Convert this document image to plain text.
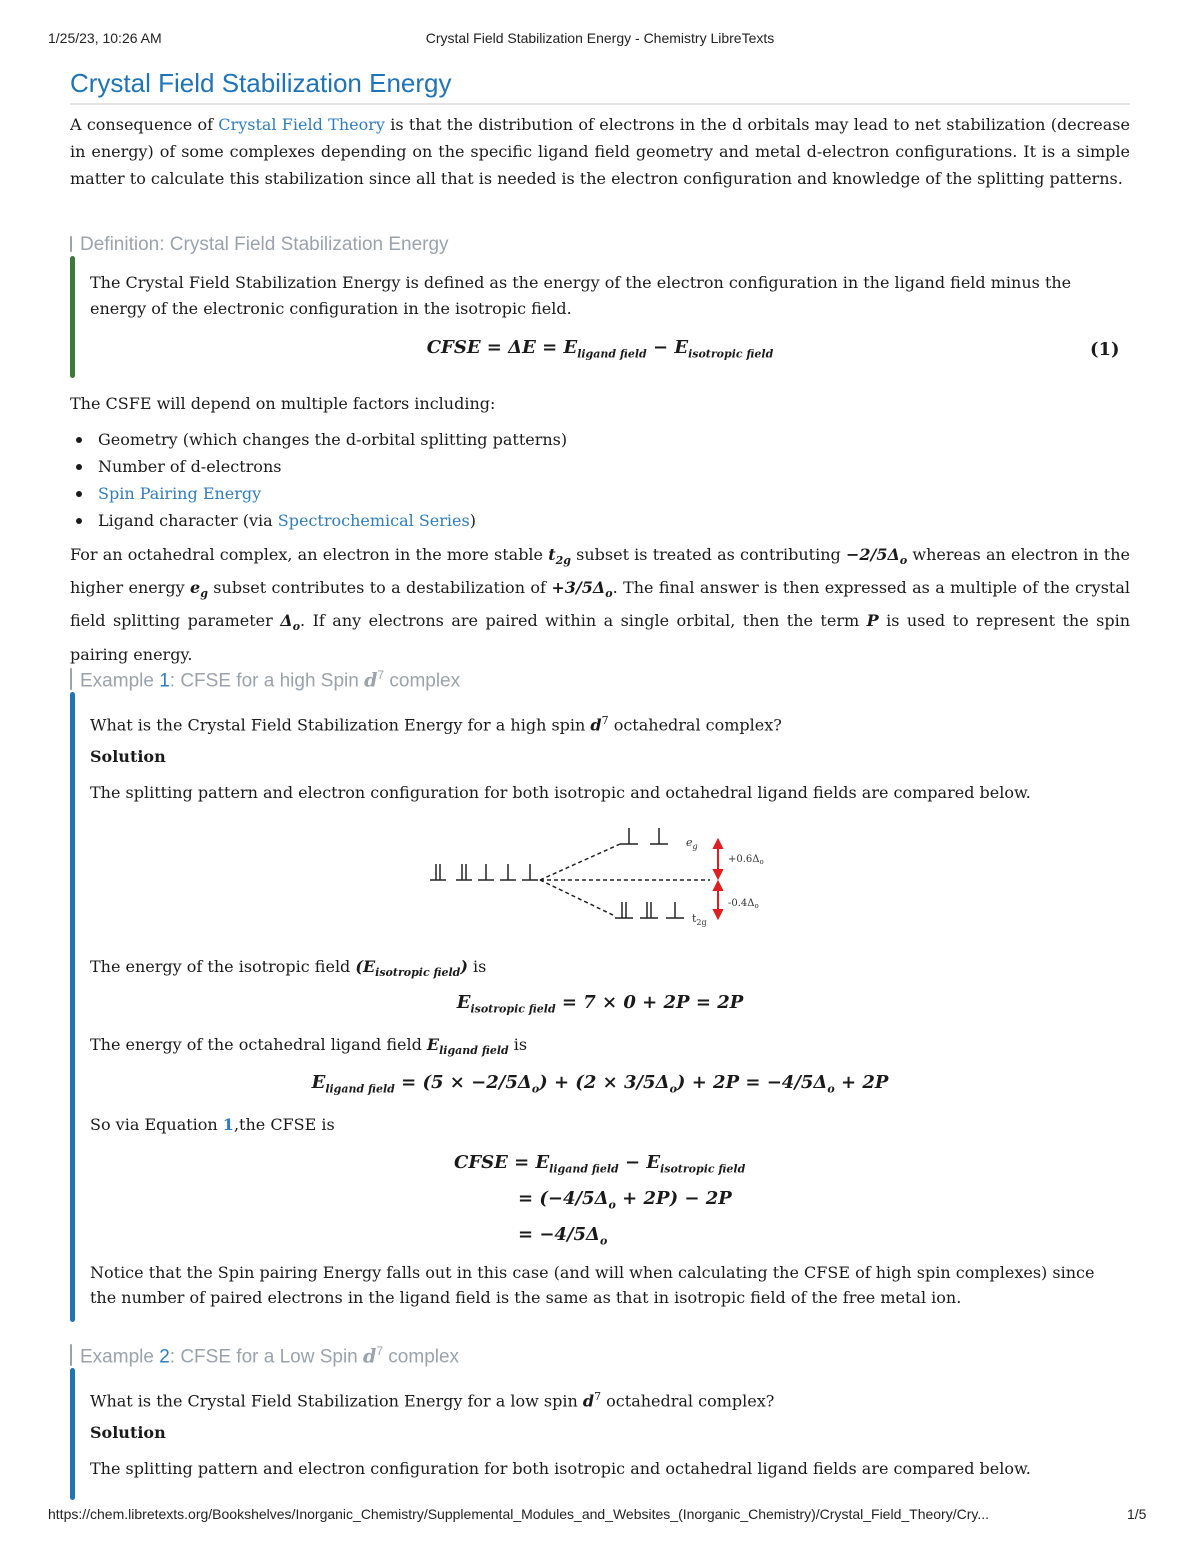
1/25/23, 10:26 AM	Crystal Field Stabilization Energy - Chemistry LibreTexts
Crystal Field Stabilization Energy

A consequence of Crystal Field Theory is that the distribution of electrons in the d orbitals may lead to net stabilization (decrease in energy) of some complexes depending on the specific ligand field geometry and metal d-electron configurations. It is a simple matter to calculate this stabilization since all that is needed is the electron configuration and knowledge of the splitting patterns.

Definition: Crystal Field Stabilization Energy

The Crystal Field Stabilization Energy is defined as the energy of the electron configuration in the ligand field minus the energy of the electronic configuration in the isotropic field.

CFSE = $\Delta E = E_{ligand field} - E_{isotropic field}$	(1)

The CSFE will depend on multiple factors including:

Geometry (which changes the d-orbital splitting patterns)
Number of d-electrons
Spin Pairing Energy
Ligand character (via Spectrochemical Series)

For an octahedral complex, an electron in the more stable $t_{2g}$ subset is treated as contributing $-2/5\Delta_o$ whereas an electron in the higher energy $e_g$ subset contributes to a destabilization of $+3/5\Delta_o$. The final answer is then expressed as a multiple of the crystal field splitting parameter $\Delta_o$. If any electrons are paired within a single orbital, then the term P is used to represent the spin pairing energy.

Example 1: CFSE for a high Spin $d^7$ complex

What is the Crystal Field Stabilization Energy for a high spin $d^7$ octahedral complex?

Solution

The splitting pattern and electron configuration for both isotropic and octahedral ligand fields are compared below.

$e_g$
$t_{2g}$
$+0.6\Delta_o$
$-0.4\Delta_o$

The energy of the isotropic field $(E_{isotropic field})$ is

$E_{isotropic field} = 7 \times 0 + 2P = 2P$

The energy of the octahedral ligand field $E_{ligand field}$ is

$E_{ligand field} = (5 \times -2/5\Delta_o) + (2 \times 3/5\Delta_o) + 2P = -4/5\Delta_o + 2P$

So via Equation 1,the CFSE is

CFSE = $E_{ligand field} - E_{isotropic field}$
= $(-4/5\Delta_o + 2P) - 2P$
= $-4/5\Delta_o$

Notice that the Spin pairing Energy falls out in this case (and will when calculating the CFSE of high spin complexes) since the number of paired electrons in the ligand field is the same as that in isotropic field of the free metal ion.

Example 2: CFSE for a Low Spin $d^7$ complex

What is the Crystal Field Stabilization Energy for a low spin $d^7$ octahedral complex?

Solution

The splitting pattern and electron configuration for both isotropic and octahedral ligand fields are compared below.

https://chem.libretexts.org/Bookshelves/Inorganic_Chemistry/Supplemental_Modules_and_Websites_(Inorganic_Chemistry)/Crystal_Field_Theory/Cry...	1/5
